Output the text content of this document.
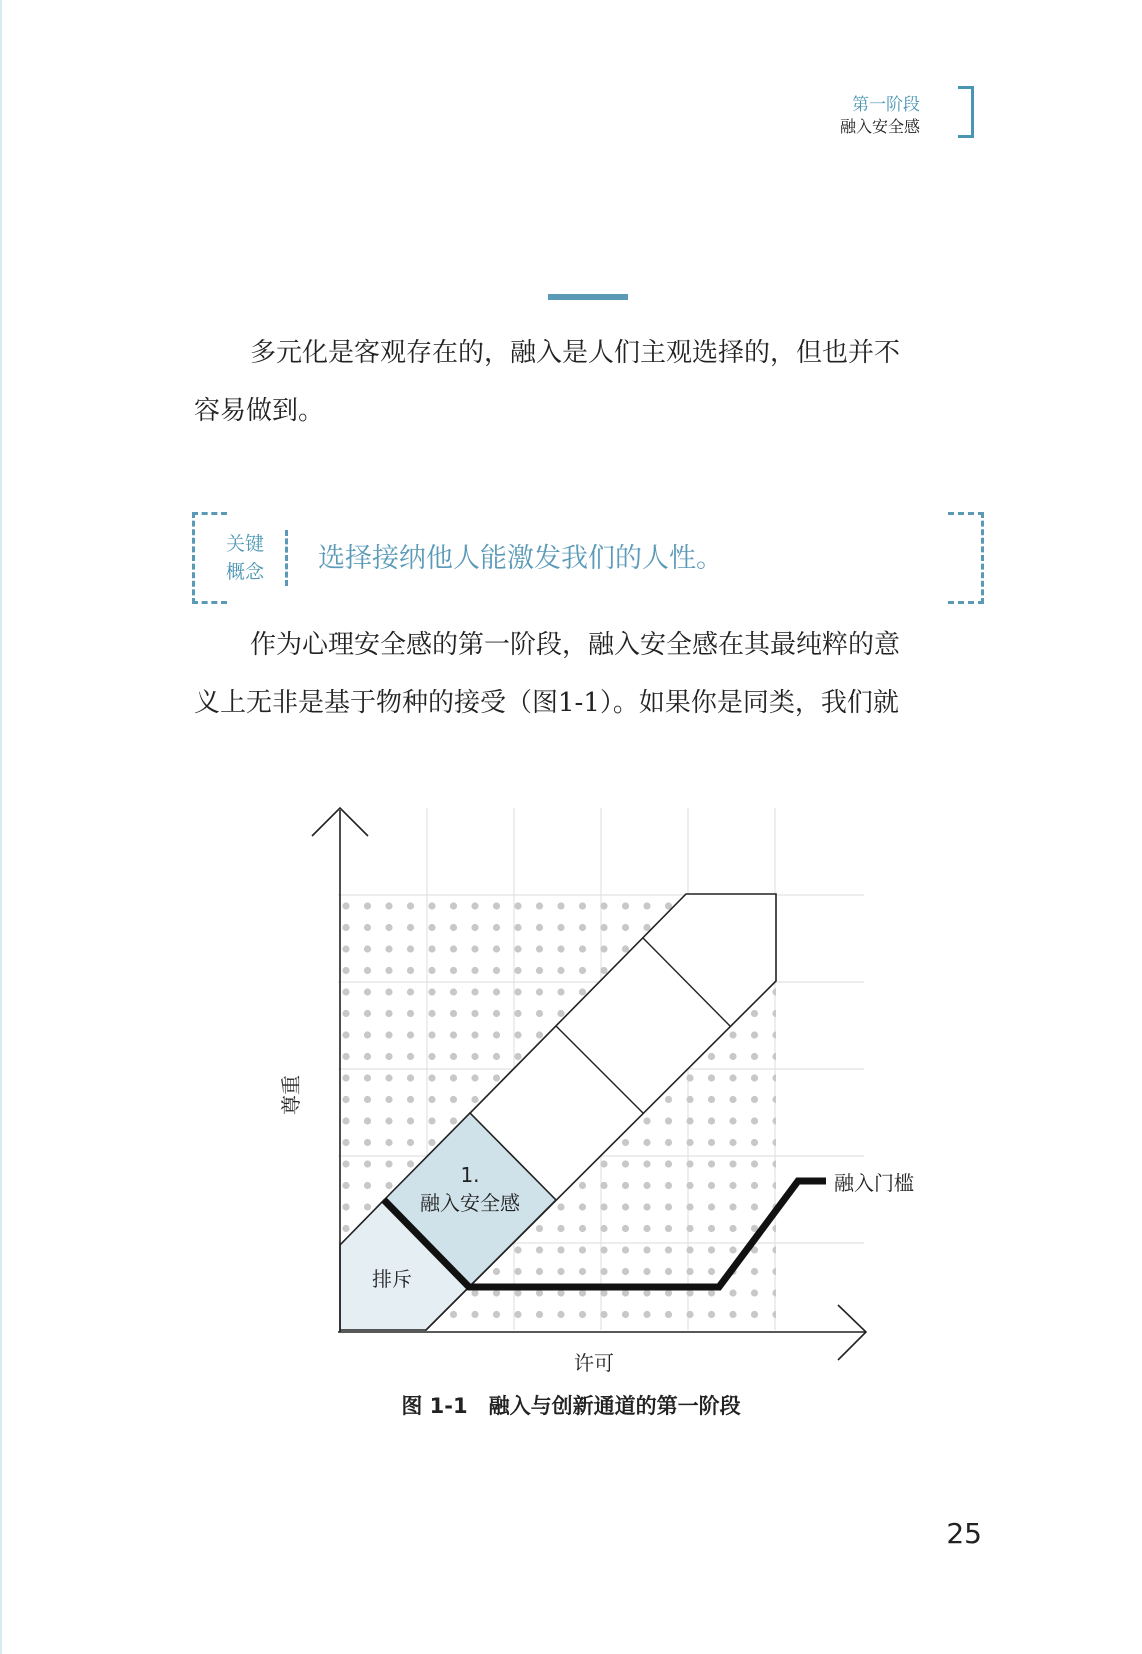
第一阶段
融入安全感

多元化是客观存在的，融入是人们主观选择的，但也并不
容易做到。

关键
概念 选择接纳他人能激发我们的人性。

作为心理安全感的第一阶段，融入安全感在其最纯粹的意
义上无非是基于物种的接受（图1-1）。如果你是同类，我们就

1.
融入安全感
排斥
融入门槛
许可
尊重
图 1-1　融入与创新通道的第一阶段
25
